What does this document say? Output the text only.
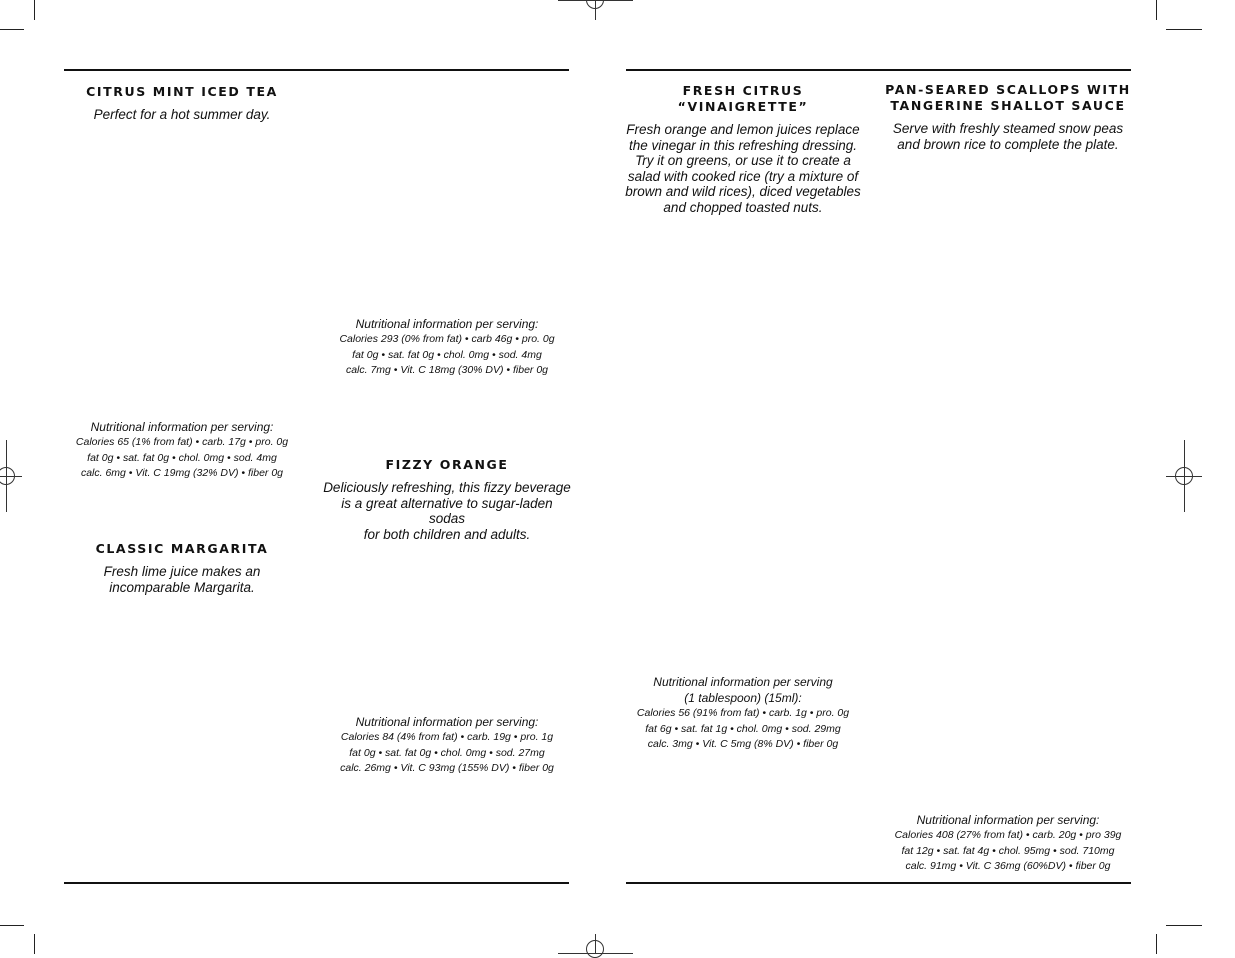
CITRUS MINT ICED TEA
Perfect for a hot summer day.
Nutritional information per serving:
Calories 65 (1% from fat) • carb. 17g • pro. 0g
fat 0g • sat. fat 0g • chol. 0mg • sod. 4mg
calc. 6mg • Vit. C 19mg (32% DV) • fiber 0g
CLASSIC MARGARITA
Fresh lime juice makes an
incomparable Margarita.
Nutritional information per serving:
Calories 293 (0% from fat) • carb 46g • pro. 0g
fat 0g • sat. fat 0g • chol. 0mg • sod. 4mg
calc. 7mg • Vit. C 18mg (30% DV) • fiber 0g
FIZZY ORANGE
Deliciously refreshing, this fizzy beverage
is a great alternative to sugar-laden sodas
for both children and adults.
Nutritional information per serving:
Calories 84 (4% from fat) • carb. 19g • pro. 1g
fat 0g • sat. fat 0g • chol. 0mg • sod. 27mg
calc. 26mg • Vit. C 93mg (155% DV) • fiber 0g
FRESH CITRUS “VINAIGRETTE”
Fresh orange and lemon juices replace
the vinegar in this refreshing dressing.
Try it on greens, or use it to create a
salad with cooked rice (try a mixture of
brown and wild rices), diced vegetables
and chopped toasted nuts.
Nutritional information per serving
(1 tablespoon) (15ml):
Calories 56 (91% from fat) • carb. 1g • pro. 0g
fat 6g • sat. fat 1g • chol. 0mg • sod. 29mg
calc. 3mg • Vit. C 5mg (8% DV) • fiber 0g
PAN-SEARED SCALLOPS WITH
TANGERINE SHALLOT SAUCE
Serve with freshly steamed snow peas
and brown rice to complete the plate.
Nutritional information per serving:
Calories 408 (27% from fat) • carb. 20g • pro 39g
fat 12g • sat. fat 4g • chol. 95mg • sod. 710mg
calc. 91mg • Vit. C 36mg (60%DV) • fiber 0g
